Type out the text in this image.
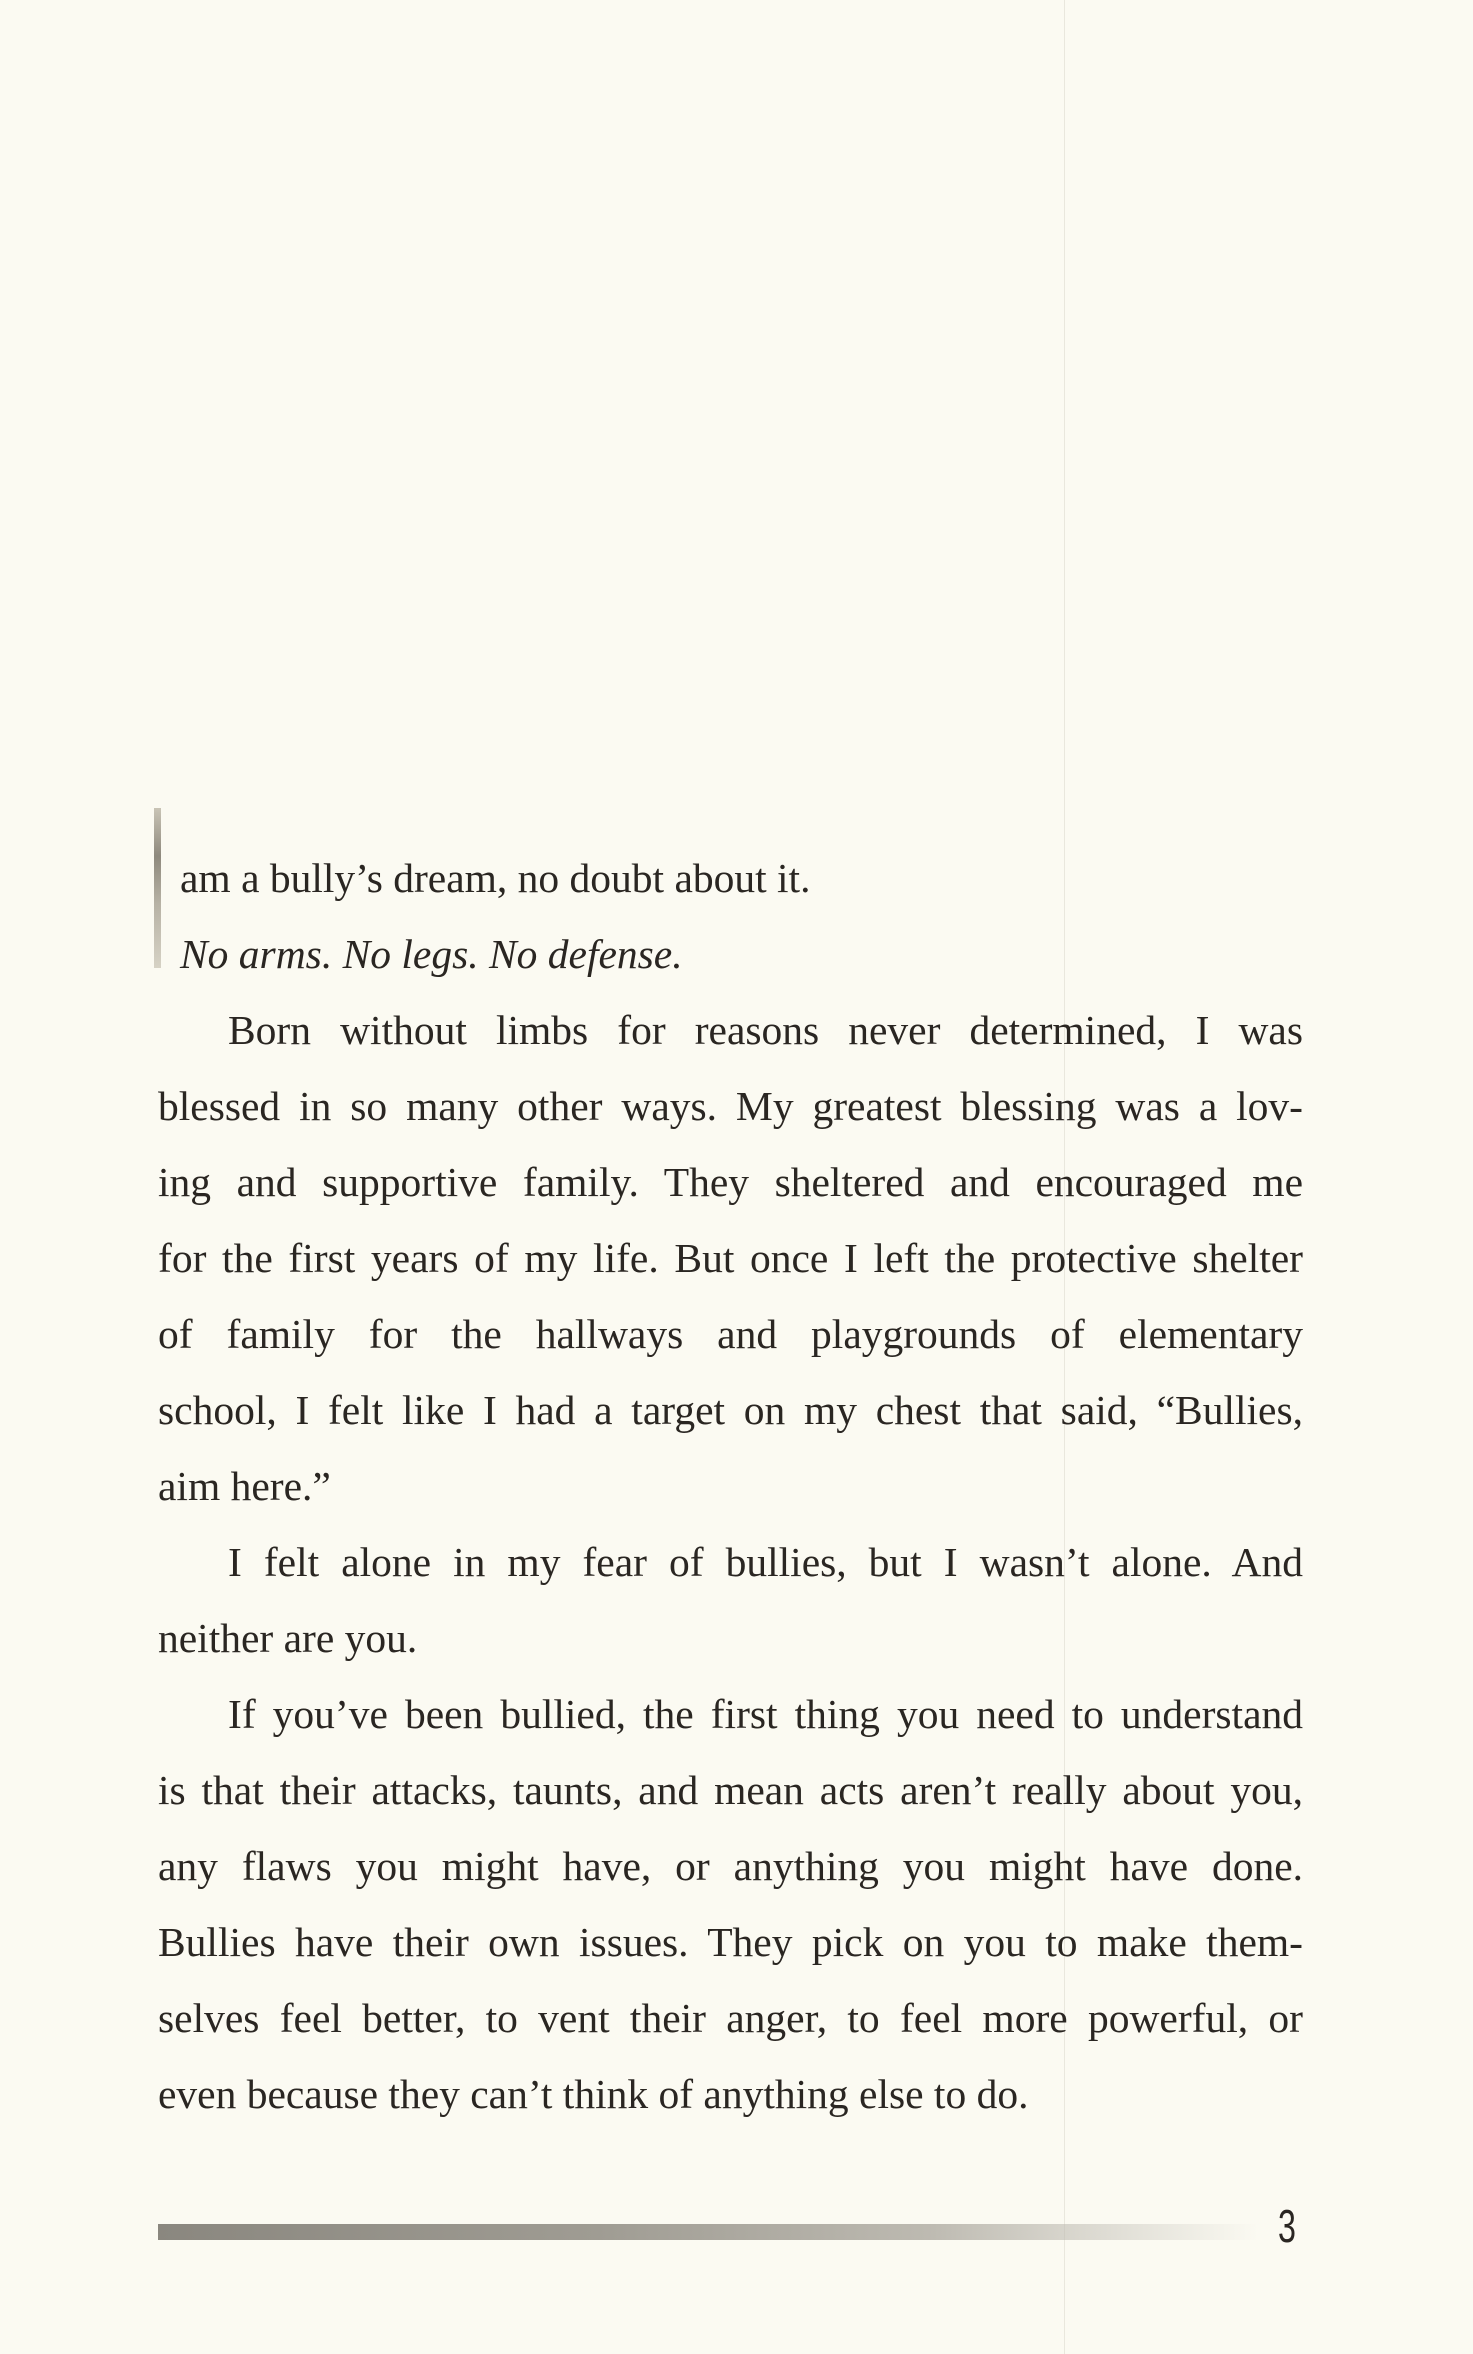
am a bully’s dream, no doubt about it.
No arms. No legs. No defense.
Born without limbs for reasons never determined, I was
blessed in so many other ways. My greatest blessing was a lov-
ing and supportive family. They sheltered and encouraged me
for the first years of my life. But once I left the protective shelter
of family for the hallways and playgrounds of elementary
school, I felt like I had a target on my chest that said, “Bullies,
aim here.”
I felt alone in my fear of bullies, but I wasn’t alone. And
neither are you.
If you’ve been bullied, the first thing you need to understand
is that their attacks, taunts, and mean acts aren’t really about you,
any flaws you might have, or anything you might have done.
Bullies have their own issues. They pick on you to make them-
selves feel better, to vent their anger, to feel more powerful, or
even because they can’t think of anything else to do.
3
